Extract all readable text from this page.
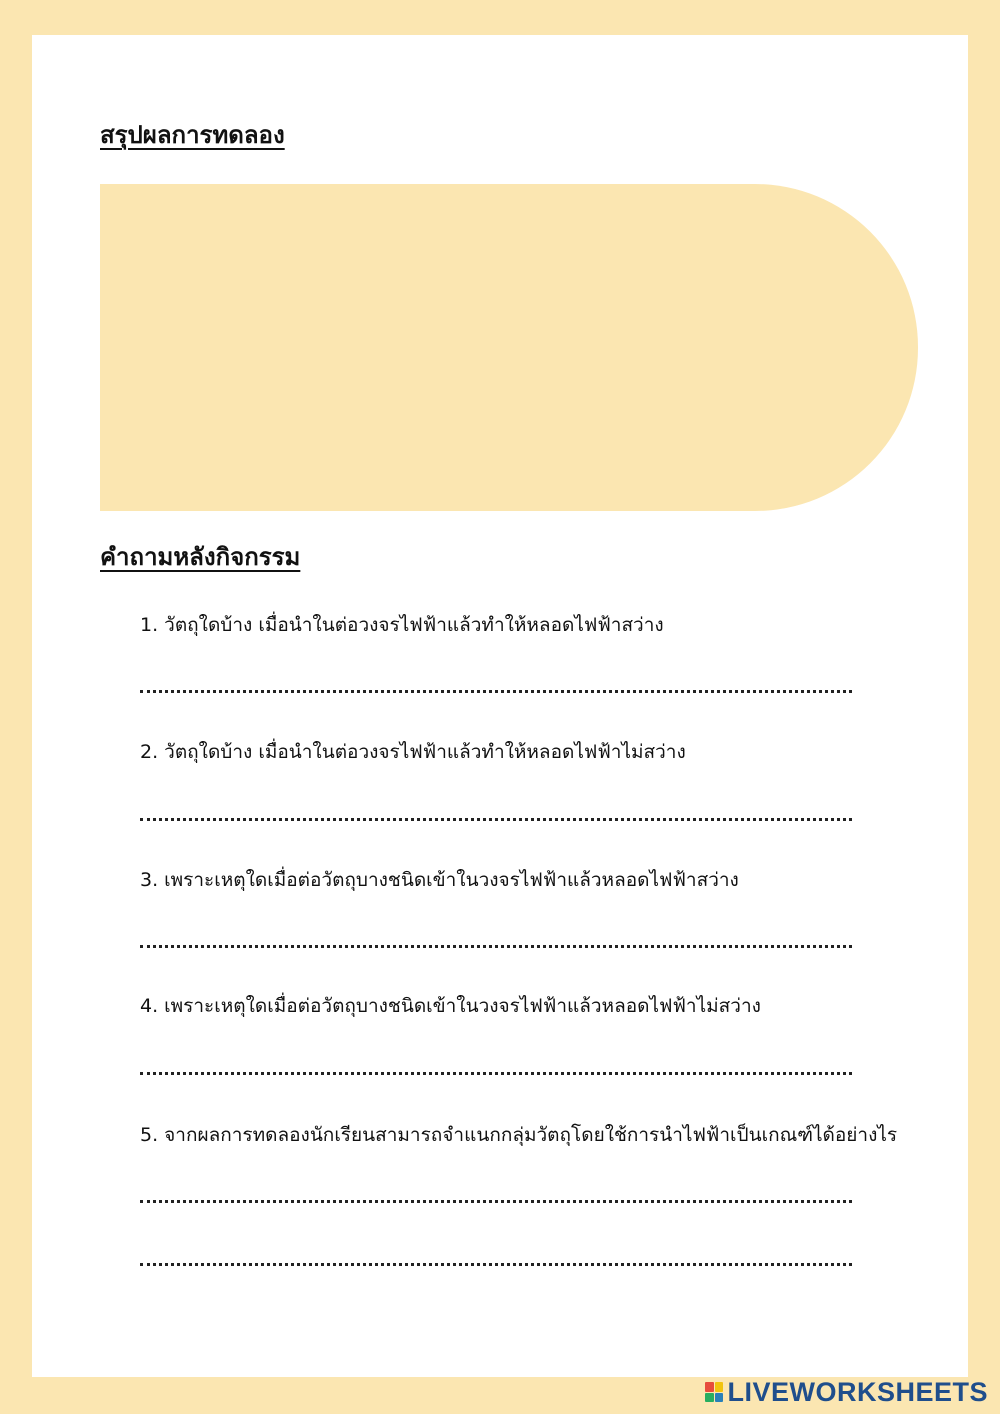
สรุปผลการทดลอง
คำถามหลังกิจกรรม

1. วัตถุใดบ้าง เมื่อนำในต่อวงจรไฟฟ้าแล้วทำให้หลอดไฟฟ้าสว่าง

2. วัตถุใดบ้าง เมื่อนำในต่อวงจรไฟฟ้าแล้วทำให้หลอดไฟฟ้าไม่สว่าง

3. เพราะเหตุใดเมื่อต่อวัตถุบางชนิดเข้าในวงจรไฟฟ้าแล้วหลอดไฟฟ้าสว่าง

4. เพราะเหตุใดเมื่อต่อวัตถุบางชนิดเข้าในวงจรไฟฟ้าแล้วหลอดไฟฟ้าไม่สว่าง

5. จากผลการทดลองนักเรียนสามารถจำแนกกลุ่มวัตถุโดยใช้การนำไฟฟ้าเป็นเกณฑ์ได้อย่างไร

LIVEWORKSHEETS
